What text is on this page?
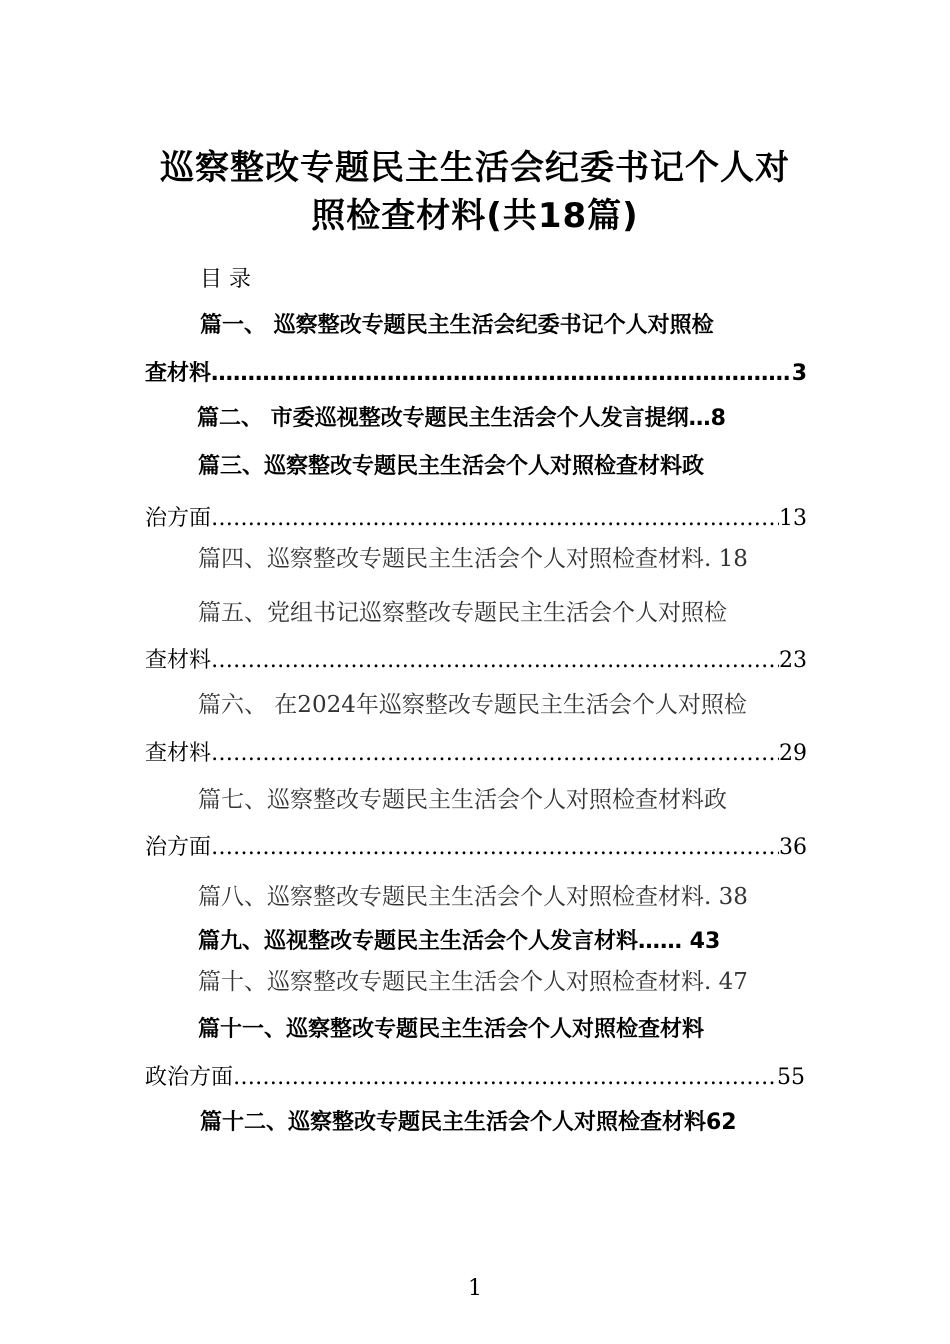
巡察整改专题民主生活会纪委书记个人对
照检查材料(共18篇)
目 录
篇一、 巡察整改专题民主生活会纪委书记个人对照检
查材料 …………………………………………………………………………………………………………………………………………………………	3
篇二、 市委巡视整改专题民主生活会个人发言提纲…8
篇三、巡察整改专题民主生活会个人对照检查材料政
治方面 …………………………………………………………………………………………………………………………………………………………	13
篇四、巡察整改专题民主生活会个人对照检查材料. 18
篇五、党组书记巡察整改专题民主生活会个人对照检
查材料 …………………………………………………………………………………………………………………………………………………………	23
篇六、 在2024年巡察整改专题民主生活会个人对照检
查材料 …………………………………………………………………………………………………………………………………………………………	29
篇七、巡察整改专题民主生活会个人对照检查材料政
治方面 …………………………………………………………………………………………………………………………………………………………	36
篇八、巡察整改专题民主生活会个人对照检查材料. 38
篇九、巡视整改专题民主生活会个人发言材料…… 43
篇十、巡察整改专题民主生活会个人对照检查材料. 47
篇十一、巡察整改专题民主生活会个人对照检查材料
政治方面 …………………………………………………………………………………………………………………………………………………………	55
篇十二、巡察整改专题民主生活会个人对照检查材料62
1
